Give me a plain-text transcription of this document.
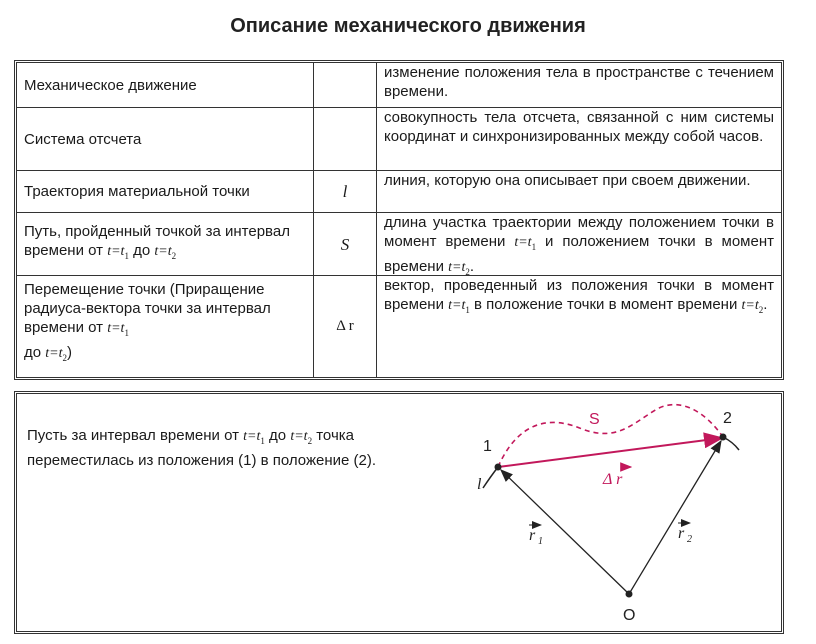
Описание механического движения
Механическое движение
изменение положения тела в пространстве с течением времени.
Система отсчета
совокупность тела отсчета, связанной с ним системы координат и синхронизированных между собой часов.
Траектория материальной точки	l
линия, которую она описывает при своем движении.
Путь, пройденный точкой за интервал времени от $t=t_1$ до $t=t_2$
S
длина участка траектории между положением точки в момент времени $t=t_1$ и положением точки в момент времени $t=t_2$.
Перемещение точки (Приращение радиуса-вектора точки за интервал времени от $t=t_1$
до $t=t_2$)
Δ r
вектор, проведенный из положения точки в момент времени $t=t_1$ в положение точки в момент времени $t=t_2$.
Пусть за интервал времени от $t=t_1$ до $t=t_2$ точка переместилась из положения (1) в положение (2).
1
2
S
l
O
Δ r
r 1	r 2
